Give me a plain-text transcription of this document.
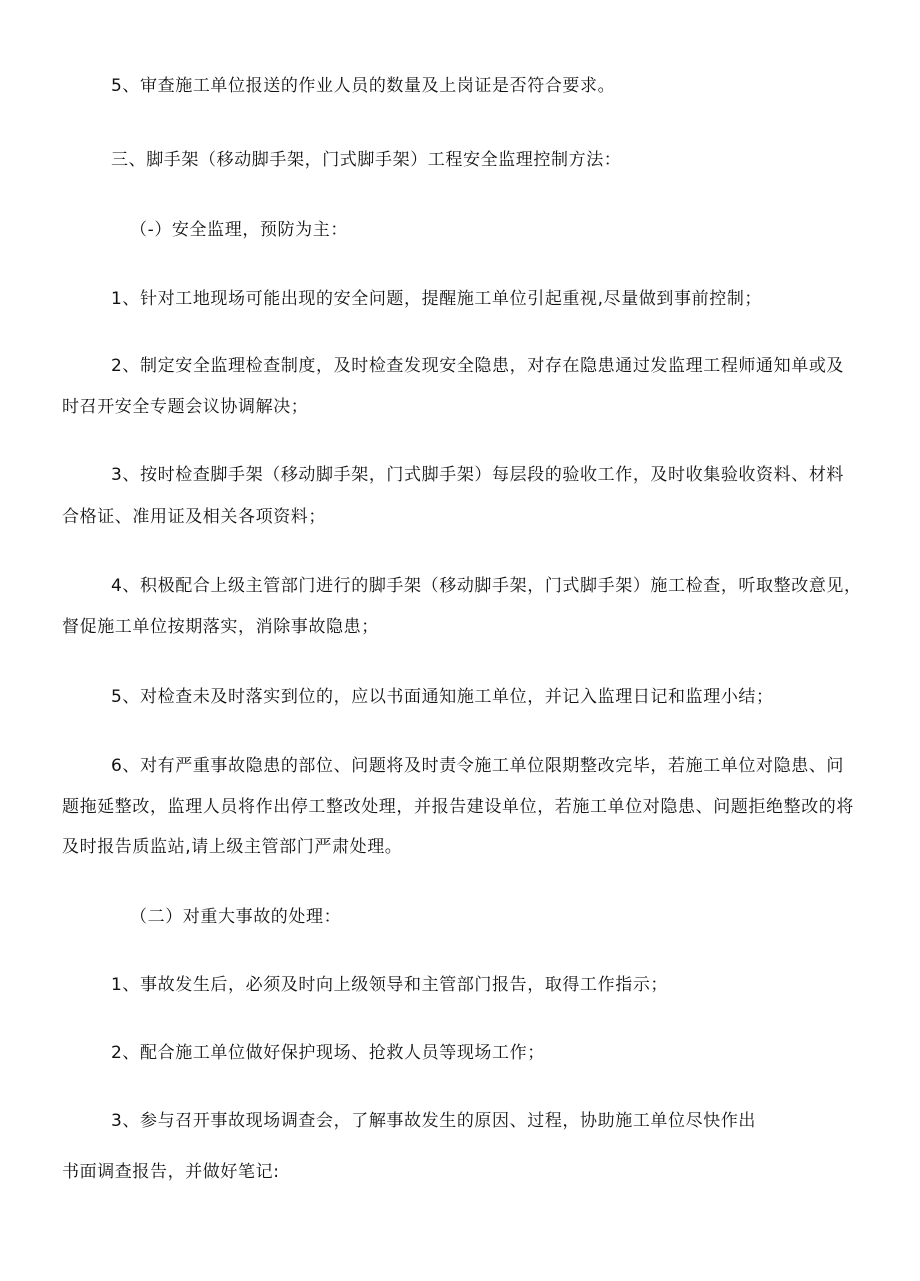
5、审查施工单位报送的作业人员的数量及上岗证是否符合要求。
三、脚手架（移动脚手架，门式脚手架）工程安全监理控制方法：
（-）安全监理，预防为主：
1、针对工地现场可能出现的安全问题，提醒施工单位引起重视,尽量做到事前控制；
2、制定安全监理检查制度，及时检查发现安全隐患，对存在隐患通过发监理工程师通知单或及
时召开安全专题会议协调解决；
3、按时检查脚手架（移动脚手架，门式脚手架）每层段的验收工作，及时收集验收资料、材料
合格证、准用证及相关各项资料；
4、积极配合上级主管部门进行的脚手架（移动脚手架，门式脚手架）施工检查，听取整改意见，
督促施工单位按期落实，消除事故隐患；
5、对检查未及时落实到位的，应以书面通知施工单位，并记入监理日记和监理小结；
6、对有严重事故隐患的部位、问题将及时责令施工单位限期整改完毕，若施工单位对隐患、问
题拖延整改，监理人员将作出停工整改处理，并报告建设单位，若施工单位对隐患、问题拒绝整改的将
及时报告质监站,请上级主管部门严肃处理。
（二）对重大事故的处理：
1、事故发生后，必须及时向上级领导和主管部门报告，取得工作指示；
2、配合施工单位做好保护现场、抢救人员等现场工作；
3、参与召开事故现场调查会，了解事故发生的原因、过程，协助施工单位尽快作出
书面调查报告，并做好笔记:
